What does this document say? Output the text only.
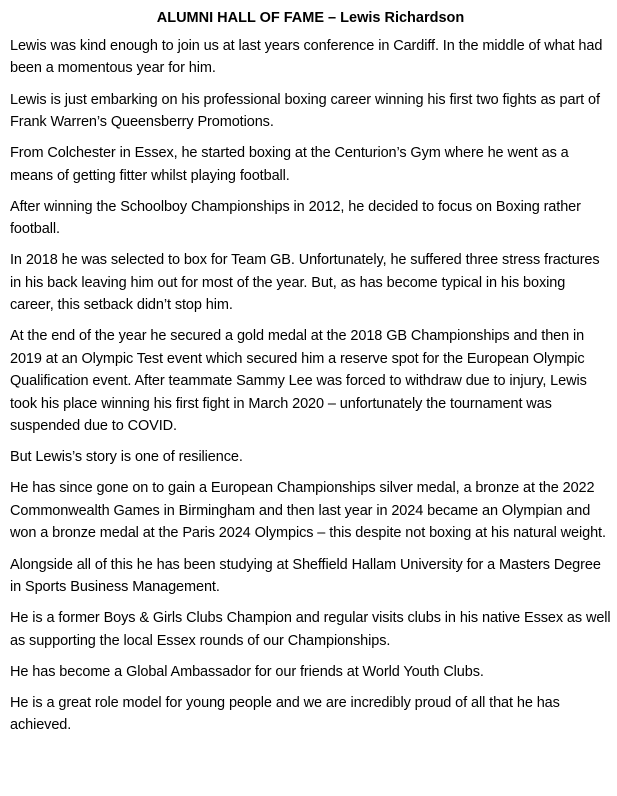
ALUMNI HALL OF FAME – Lewis Richardson

Lewis was kind enough to join us at last years conference in Cardiff. In the middle of what had been a momentous year for him.

Lewis is just embarking on his professional boxing career winning his first two fights as part of Frank Warren’s Queensberry Promotions.

From Colchester in Essex, he started boxing at the Centurion’s Gym where he went as a means of getting fitter whilst playing football.

After winning the Schoolboy Championships in 2012, he decided to focus on Boxing rather football.

In 2018 he was selected to box for Team GB. Unfortunately, he suffered three stress fractures in his back leaving him out for most of the year. But, as has become typical in his boxing career, this setback didn’t stop him.

At the end of the year he secured a gold medal at the 2018 GB Championships and then in 2019 at an Olympic Test event which secured him a reserve spot for the European Olympic Qualification event. After teammate Sammy Lee was forced to withdraw due to injury, Lewis took his place winning his first fight in March 2020 – unfortunately the tournament was suspended due to COVID.

But Lewis’s story is one of resilience.

He has since gone on to gain a European Championships silver medal, a bronze at the 2022 Commonwealth Games in Birmingham and then last year in 2024 became an Olympian and won a bronze medal at the Paris 2024 Olympics – this despite not boxing at his natural weight.

Alongside all of this he has been studying at Sheffield Hallam University for a Masters Degree in Sports Business Management.

He is a former Boys & Girls Clubs Champion and regular visits clubs in his native Essex as well as supporting the local Essex rounds of our Championships.

He has become a Global Ambassador for our friends at World Youth Clubs.

He is a great role model for young people and we are incredibly proud of all that he has achieved.
